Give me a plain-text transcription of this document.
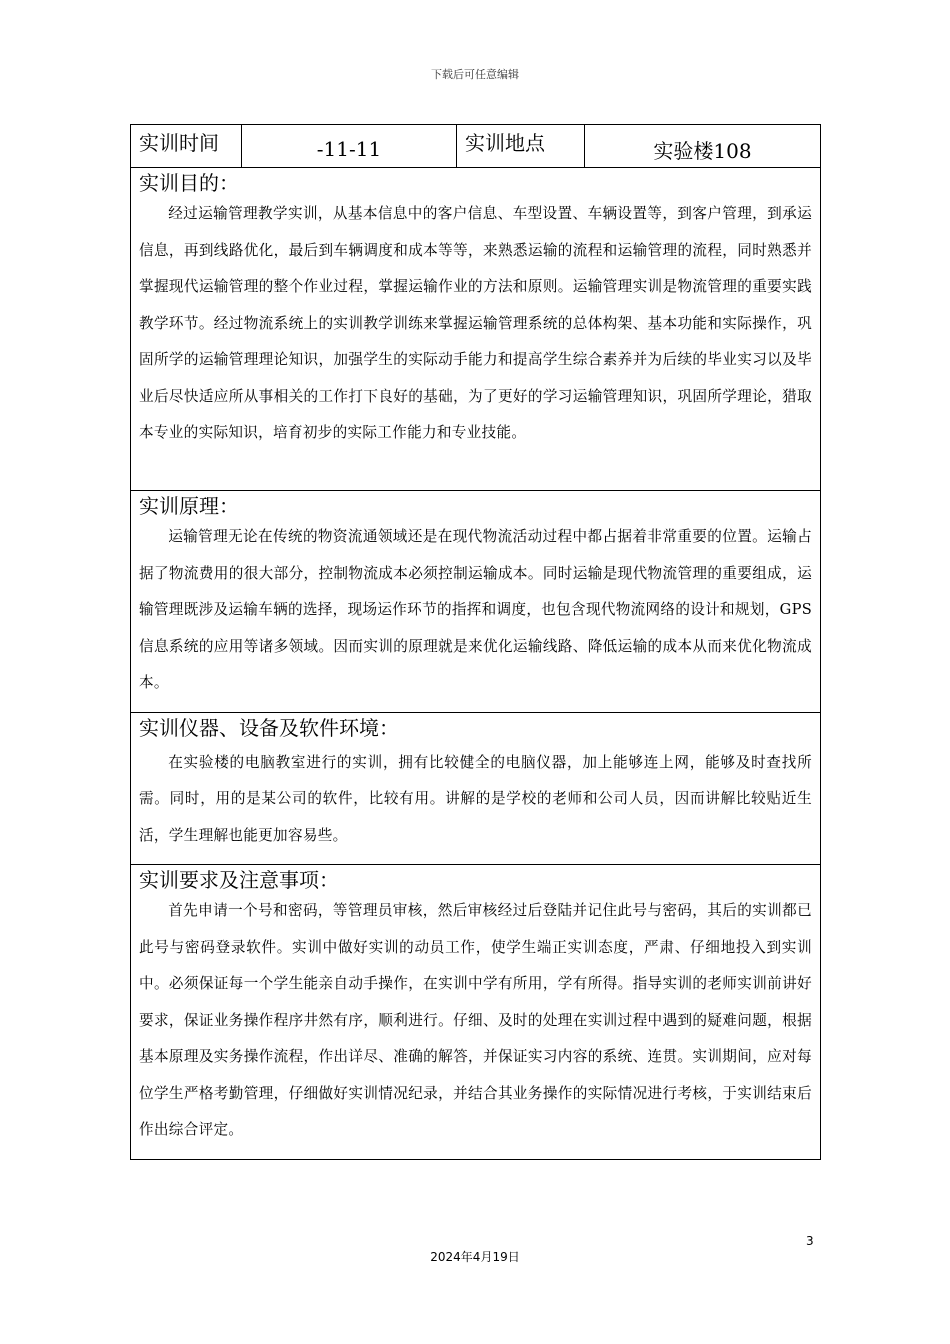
下载后可任意编辑
实训时间	-11-11	实训地点	实验楼108

实训目的：
经过运输管理教学实训，从基本信息中的客户信息、车型设置、车辆设置等，到客户管理，到承运信息，再到线路优化，最后到车辆调度和成本等等，来熟悉运输的流程和运输管理的流程，同时熟悉并掌握现代运输管理的整个作业过程，掌握运输作业的方法和原则。运输管理实训是物流管理的重要实践教学环节。经过物流系统上的实训教学训练来掌握运输管理系统的总体构架、基本功能和实际操作，巩固所学的运输管理理论知识，加强学生的实际动手能力和提高学生综合素养并为后续的毕业实习以及毕业后尽快适应所从事相关的工作打下良好的基础，为了更好的学习运输管理知识，巩固所学理论，猎取本专业的实际知识，培育初步的实际工作能力和专业技能。

实训原理：
运输管理无论在传统的物资流通领域还是在现代物流活动过程中都占据着非常重要的位置。运输占据了物流费用的很大部分，控制物流成本必须控制运输成本。同时运输是现代物流管理的重要组成，运输管理既涉及运输车辆的选择，现场运作环节的指挥和调度，也包含现代物流网络的设计和规划，GPS信息系统的应用等诸多领域。因而实训的原理就是来优化运输线路、降低运输的成本从而来优化物流成本。

实训仪器、设备及软件环境：
在实验楼的电脑教室进行的实训，拥有比较健全的电脑仪器，加上能够连上网，能够及时查找所需。同时，用的是某公司的软件，比较有用。讲解的是学校的老师和公司人员，因而讲解比较贴近生活，学生理解也能更加容易些。

实训要求及注意事项：
首先申请一个号和密码，等管理员审核，然后审核经过后登陆并记住此号与密码，其后的实训都已此号与密码登录软件。实训中做好实训的动员工作，使学生端正实训态度，严肃、仔细地投入到实训中。必须保证每一个学生能亲自动手操作，在实训中学有所用，学有所得。指导实训的老师实训前讲好要求，保证业务操作程序井然有序，顺利进行。仔细、及时的处理在实训过程中遇到的疑难问题，根据基本原理及实务操作流程，作出详尽、准确的解答，并保证实习内容的系统、连贯。实训期间，应对每位学生严格考勤管理，仔细做好实训情况纪录，并结合其业务操作的实际情况进行考核，于实训结束后作出综合评定。
3
2024年4月19日
